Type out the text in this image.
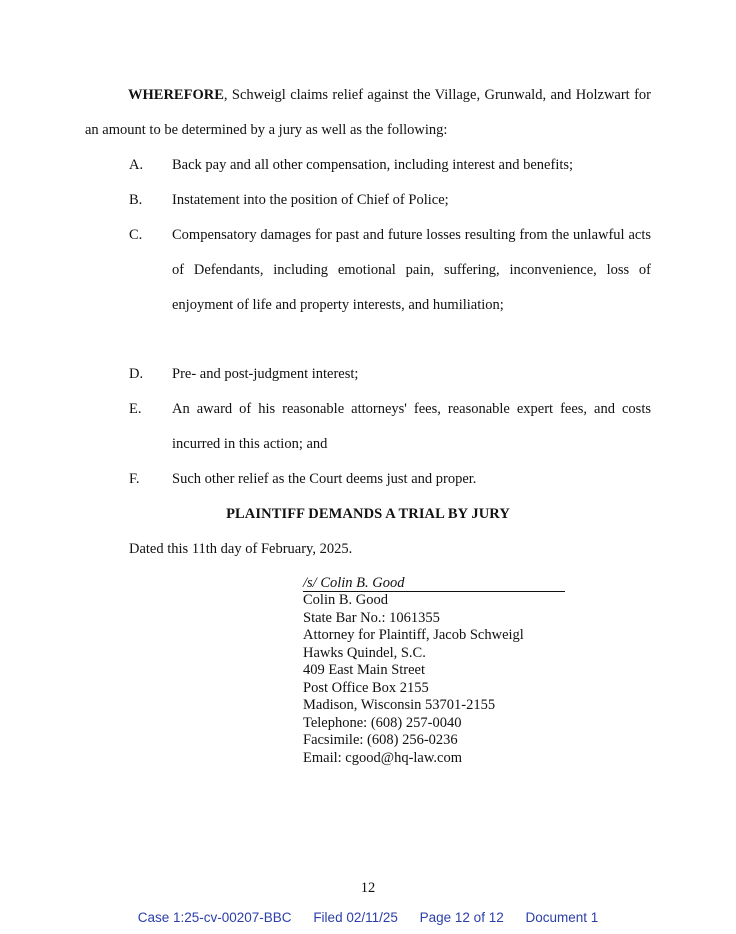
WHEREFORE, Schweigl claims relief against the Village, Grunwald, and Holzwart for an amount to be determined by a jury as well as the following:
A.	Back pay and all other compensation, including interest and benefits;
B.	Instatement into the position of Chief of Police;
C.	Compensatory damages for past and future losses resulting from the unlawful acts of Defendants, including emotional pain, suffering, inconvenience, loss of enjoyment of life and property interests, and humiliation;
D.	Pre- and post-judgment interest;
E.	An award of his reasonable attorneys' fees, reasonable expert fees, and costs incurred in this action; and
F.	Such other relief as the Court deems just and proper.
PLAINTIFF DEMANDS A TRIAL BY JURY
Dated this 11th day of February, 2025.
/s/ Colin B. Good
Colin B. Good
State Bar No.: 1061355
Attorney for Plaintiff, Jacob Schweigl
Hawks Quindel, S.C.
409 East Main Street
Post Office Box 2155
Madison, Wisconsin 53701-2155
Telephone: (608) 257-0040
Facsimile: (608) 256-0236
Email: cgood@hq-law.com
12
Case 1:25-cv-00207-BBC Filed 02/11/25 Page 12 of 12 Document 1
